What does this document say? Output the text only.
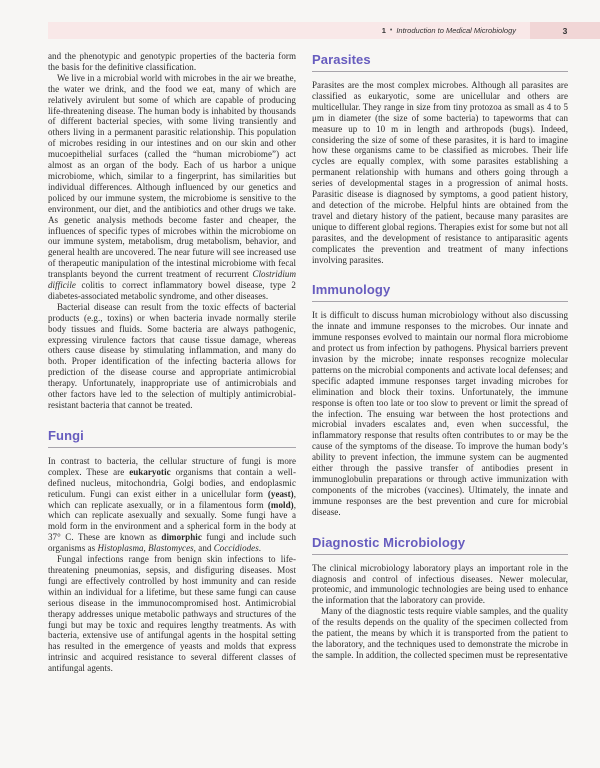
1 • Introduction to Medical Microbiology	3

and the phenotypic and genotypic properties of the bacteria form the basis for the definitive classification.

We live in a microbial world with microbes in the air we breathe, the water we drink, and the food we eat, many of which are relatively avirulent but some of which are capable of producing life-threatening disease. The human body is inhabited by thousands of different bacterial species, with some living transiently and others living in a permanent parasitic relationship. This population of microbes residing in our intestines and on our skin and other mucoepithelial surfaces (called the “human microbiome”) act almost as an organ of the body. Each of us harbor a unique microbiome, which, similar to a fingerprint, has similarities but individual differences. Although influenced by our genetics and policed by our immune system, the microbiome is sensitive to the environment, our diet, and the antibiotics and other drugs we take. As genetic analysis methods become faster and cheaper, the influences of specific types of microbes within the microbiome on our immune system, metabolism, drug metabolism, behavior, and general health are uncovered. The near future will see increased use of therapeutic manipulation of the intestinal microbiome with fecal transplants beyond the current treatment of recurrent Clostridium difficile colitis to correct inflammatory bowel disease, type 2 diabetes-associated metabolic syndrome, and other diseases.

Bacterial disease can result from the toxic effects of bacterial products (e.g., toxins) or when bacteria invade normally sterile body tissues and fluids. Some bacteria are always pathogenic, expressing virulence factors that cause tissue damage, whereas others cause disease by stimulating inflammation, and many do both. Proper identification of the infecting bacteria allows for prediction of the disease course and appropriate antimicrobial therapy. Unfortunately, inappropriate use of antimicrobials and other factors have led to the selection of multiply antimicrobial-resistant bacteria that cannot be treated.

Fungi

In contrast to bacteria, the cellular structure of fungi is more complex. These are eukaryotic organisms that contain a well-defined nucleus, mitochondria, Golgi bodies, and endoplasmic reticulum. Fungi can exist either in a unicellular form (yeast), which can replicate asexually, or in a filamentous form (mold), which can replicate asexually and sexually. Some fungi have a mold form in the environment and a spherical form in the body at 37° C. These are known as dimorphic fungi and include such organisms as Histoplasma, Blastomyces, and Coccidiodes.

Fungal infections range from benign skin infections to life-threatening pneumonias, sepsis, and disfiguring diseases. Most fungi are effectively controlled by host immunity and can reside within an individual for a lifetime, but these same fungi can cause serious disease in the immunocompromised host. Antimicrobial therapy addresses unique metabolic pathways and structures of the fungi but may be toxic and requires lengthy treatments. As with bacteria, extensive use of antifungal agents in the hospital setting has resulted in the emergence of yeasts and molds that express intrinsic and acquired resistance to several different classes of antifungal agents.

Parasites

Parasites are the most complex microbes. Although all parasites are classified as eukaryotic, some are unicellular and others are multicellular. They range in size from tiny protozoa as small as 4 to 5 μm in diameter (the size of some bacteria) to tapeworms that can measure up to 10 m in length and arthropods (bugs). Indeed, considering the size of some of these parasites, it is hard to imagine how these organisms came to be classified as microbes. Their life cycles are equally complex, with some parasites establishing a permanent relationship with humans and others going through a series of developmental stages in a progression of animal hosts. Parasitic disease is diagnosed by symptoms, a good patient history, and detection of the microbe. Helpful hints are obtained from the travel and dietary history of the patient, because many parasites are unique to different global regions. Therapies exist for some but not all parasites, and the development of resistance to antiparasitic agents complicates the prevention and treatment of many infections involving parasites.

Immunology

It is difficult to discuss human microbiology without also discussing the innate and immune responses to the microbes. Our innate and immune responses evolved to maintain our normal flora microbiome and protect us from infection by pathogens. Physical barriers prevent invasion by the microbe; innate responses recognize molecular patterns on the microbial components and activate local defenses; and specific adapted immune responses target invading microbes for elimination and block their toxins. Unfortunately, the immune response is often too late or too slow to prevent or limit the spread of the infection. The ensuing war between the host protections and microbial invaders escalates and, even when successful, the inflammatory response that results often contributes to or may be the cause of the symptoms of the disease. To improve the human body’s ability to prevent infection, the immune system can be augmented either through the passive transfer of antibodies present in immunoglobulin preparations or through active immunization with components of the microbes (vaccines). Ultimately, the innate and immune responses are the best prevention and cure for microbial disease.

Diagnostic Microbiology

The clinical microbiology laboratory plays an important role in the diagnosis and control of infectious diseases. Newer molecular, proteomic, and immunologic technologies are being used to enhance the information that the laboratory can provide.

Many of the diagnostic tests require viable samples, and the quality of the results depends on the quality of the specimen collected from the patient, the means by which it is transported from the patient to the laboratory, and the techniques used to demonstrate the microbe in the sample. In addition, the collected specimen must be representative
